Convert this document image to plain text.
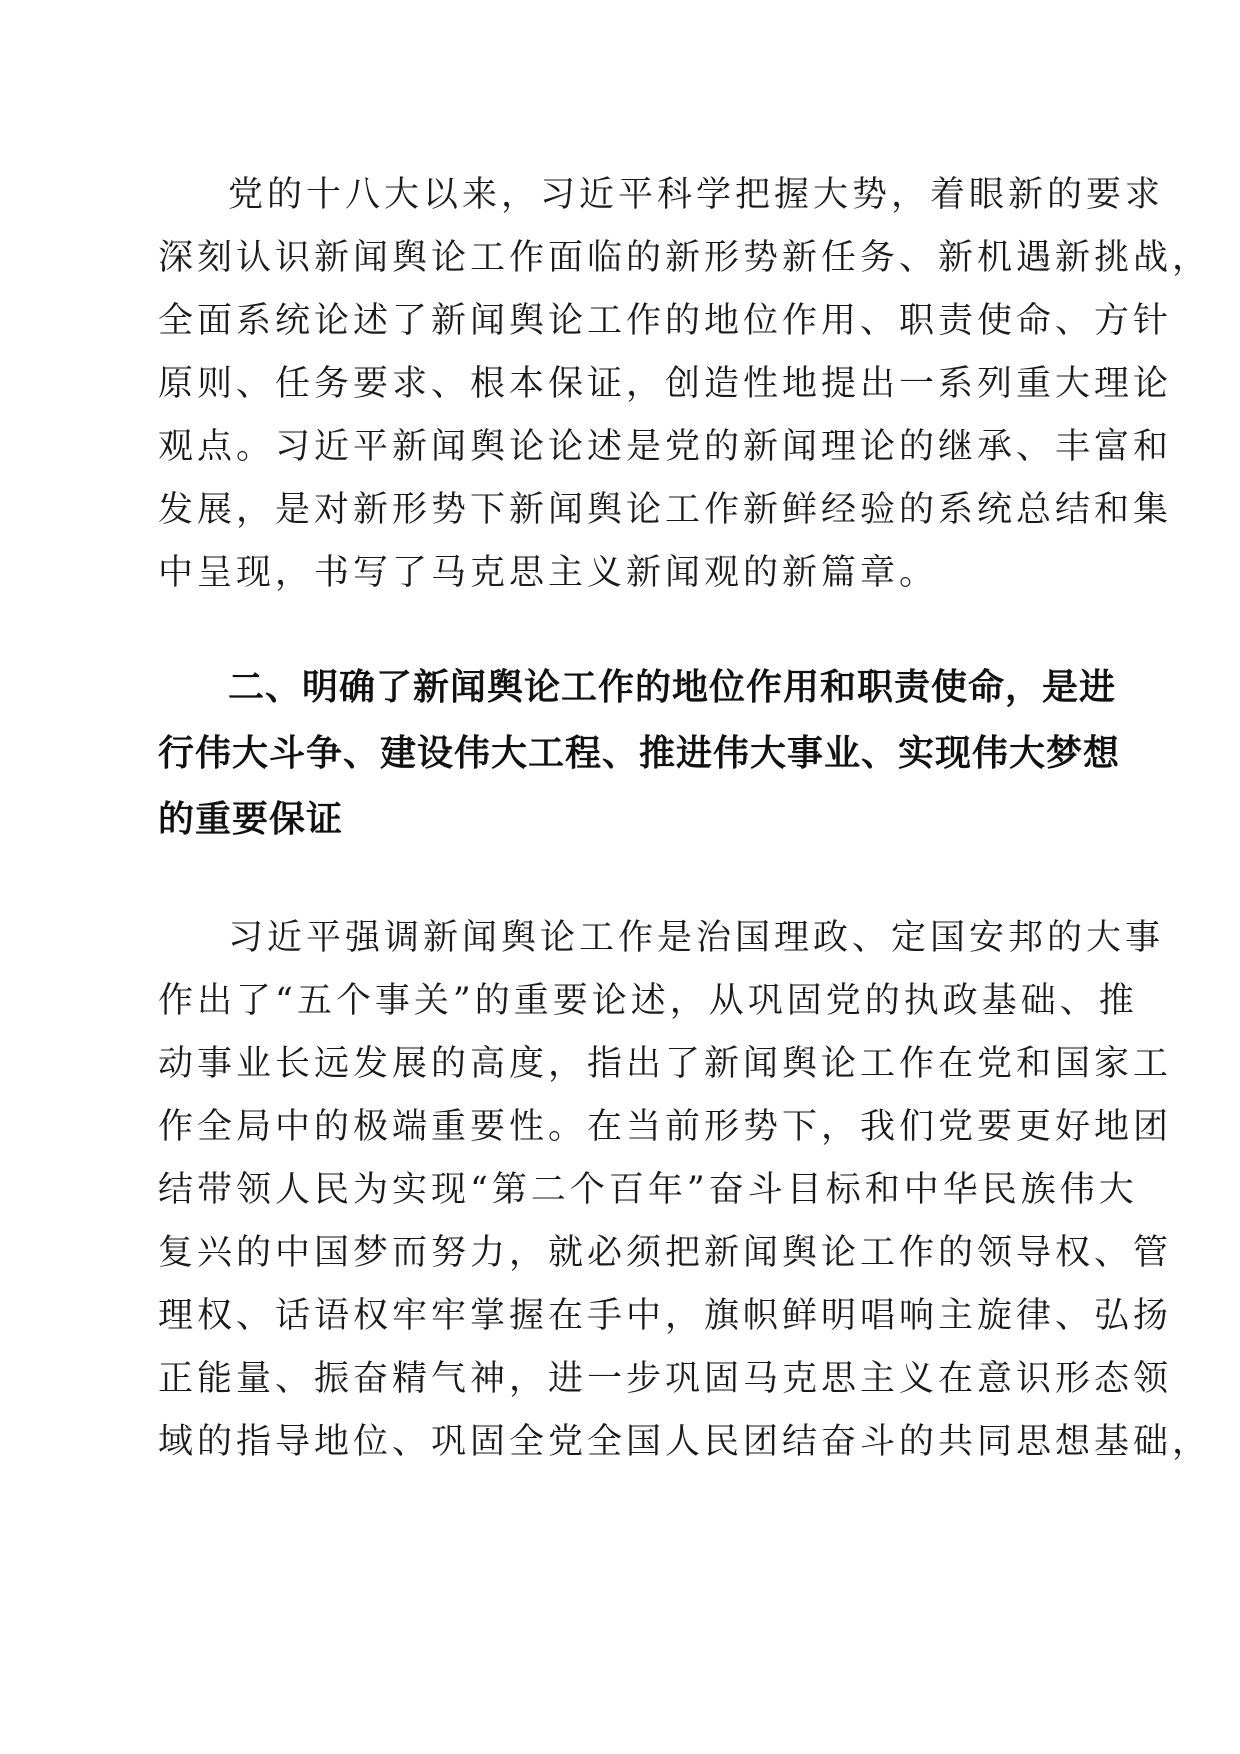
党的十八大以来，习近平科学把握大势，着眼新的要求
深刻认识新闻舆论工作面临的新形势新任务、新机遇新挑战，
全面系统论述了新闻舆论工作的地位作用、职责使命、方针
原则、任务要求、根本保证，创造性地提出一系列重大理论
观点。习近平新闻舆论论述是党的新闻理论的继承、丰富和
发展，是对新形势下新闻舆论工作新鲜经验的系统总结和集
中呈现，书写了马克思主义新闻观的新篇章。
二、明确了新闻舆论工作的地位作用和职责使命，是进
行伟大斗争、建设伟大工程、推进伟大事业、实现伟大梦想
的重要保证
习近平强调新闻舆论工作是治国理政、定国安邦的大事
作出了“五个事关”的重要论述，从巩固党的执政基础、推
动事业长远发展的高度，指出了新闻舆论工作在党和国家工
作全局中的极端重要性。在当前形势下，我们党要更好地团
结带领人民为实现“第二个百年”奋斗目标和中华民族伟大
复兴的中国梦而努力，就必须把新闻舆论工作的领导权、管
理权、话语权牢牢掌握在手中，旗帜鲜明唱响主旋律、弘扬
正能量、振奋精气神，进一步巩固马克思主义在意识形态领
域的指导地位、巩固全党全国人民团结奋斗的共同思想基础，
